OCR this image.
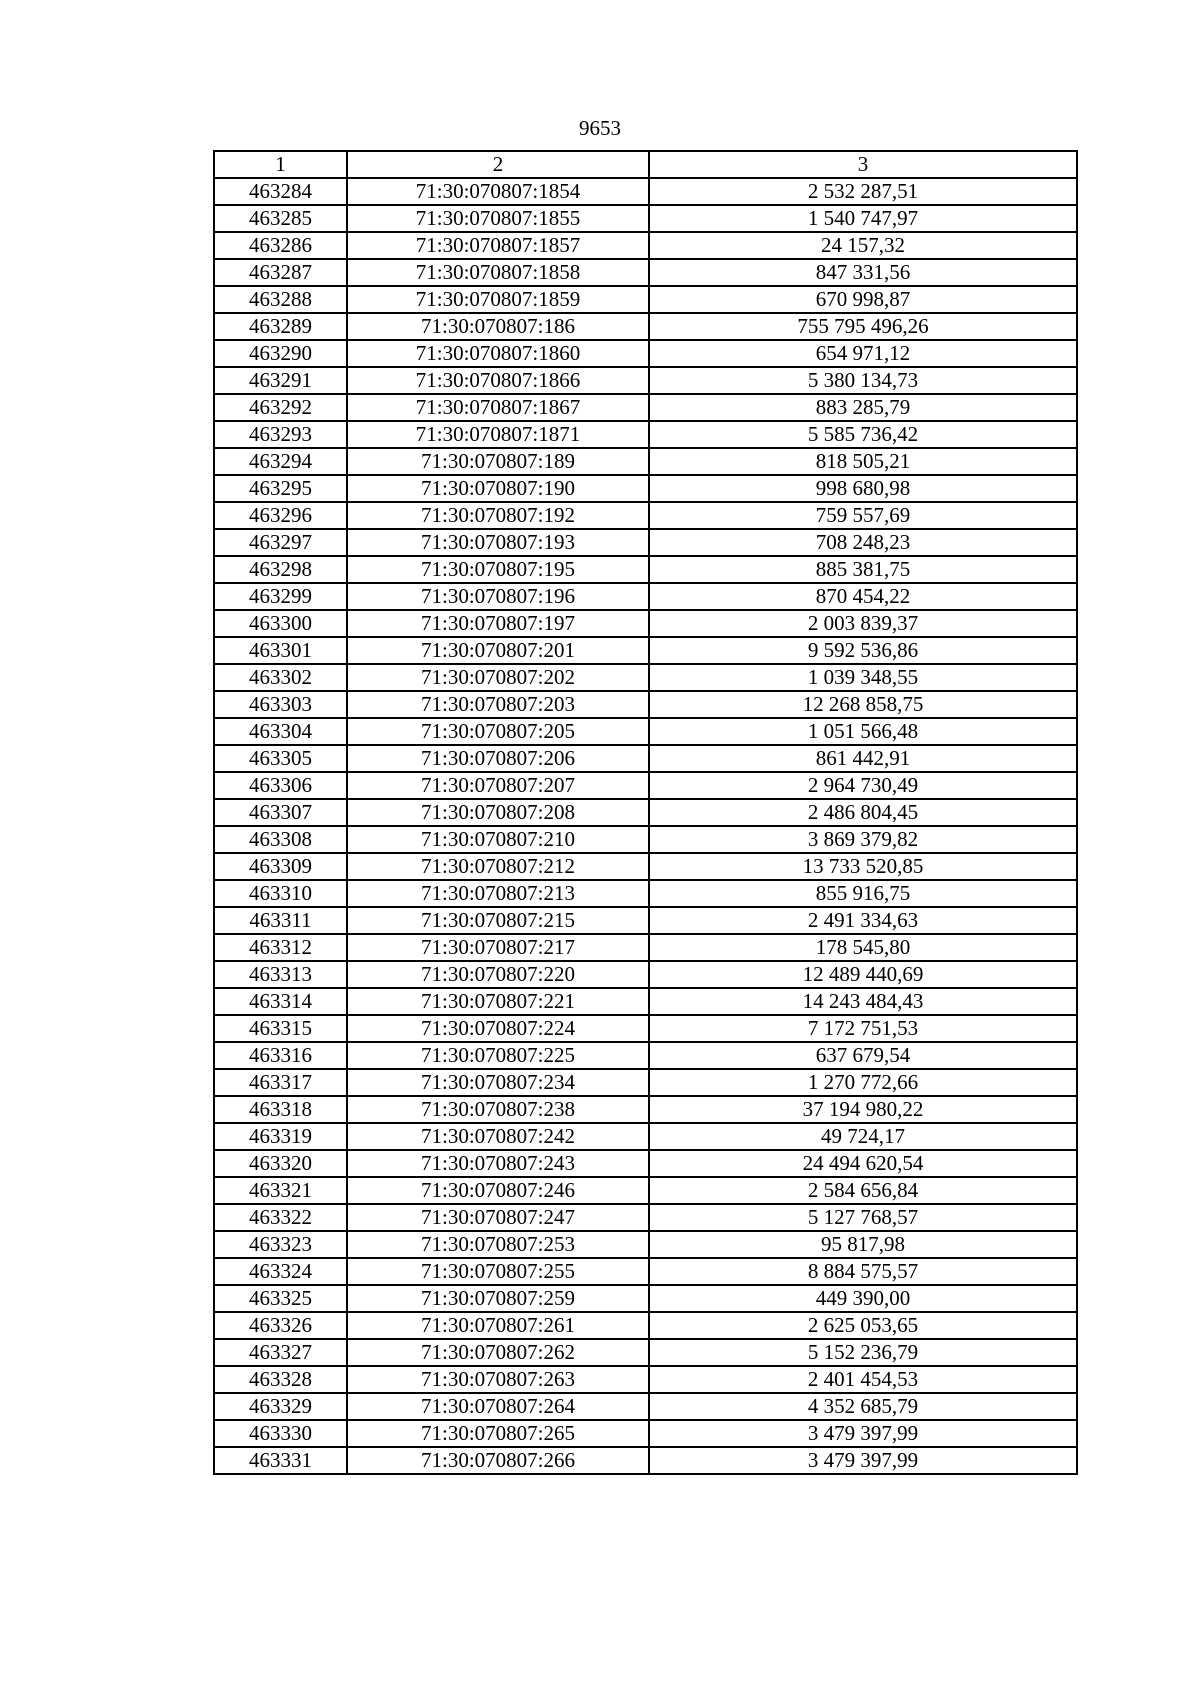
9653
1	2	3
463284	71:30:070807:1854	2 532 287,51
463285	71:30:070807:1855	1 540 747,97
463286	71:30:070807:1857	24 157,32
463287	71:30:070807:1858	847 331,56
463288	71:30:070807:1859	670 998,87
463289	71:30:070807:186	755 795 496,26
463290	71:30:070807:1860	654 971,12
463291	71:30:070807:1866	5 380 134,73
463292	71:30:070807:1867	883 285,79
463293	71:30:070807:1871	5 585 736,42
463294	71:30:070807:189	818 505,21
463295	71:30:070807:190	998 680,98
463296	71:30:070807:192	759 557,69
463297	71:30:070807:193	708 248,23
463298	71:30:070807:195	885 381,75
463299	71:30:070807:196	870 454,22
463300	71:30:070807:197	2 003 839,37
463301	71:30:070807:201	9 592 536,86
463302	71:30:070807:202	1 039 348,55
463303	71:30:070807:203	12 268 858,75
463304	71:30:070807:205	1 051 566,48
463305	71:30:070807:206	861 442,91
463306	71:30:070807:207	2 964 730,49
463307	71:30:070807:208	2 486 804,45
463308	71:30:070807:210	3 869 379,82
463309	71:30:070807:212	13 733 520,85
463310	71:30:070807:213	855 916,75
463311	71:30:070807:215	2 491 334,63
463312	71:30:070807:217	178 545,80
463313	71:30:070807:220	12 489 440,69
463314	71:30:070807:221	14 243 484,43
463315	71:30:070807:224	7 172 751,53
463316	71:30:070807:225	637 679,54
463317	71:30:070807:234	1 270 772,66
463318	71:30:070807:238	37 194 980,22
463319	71:30:070807:242	49 724,17
463320	71:30:070807:243	24 494 620,54
463321	71:30:070807:246	2 584 656,84
463322	71:30:070807:247	5 127 768,57
463323	71:30:070807:253	95 817,98
463324	71:30:070807:255	8 884 575,57
463325	71:30:070807:259	449 390,00
463326	71:30:070807:261	2 625 053,65
463327	71:30:070807:262	5 152 236,79
463328	71:30:070807:263	2 401 454,53
463329	71:30:070807:264	4 352 685,79
463330	71:30:070807:265	3 479 397,99
463331	71:30:070807:266	3 479 397,99
